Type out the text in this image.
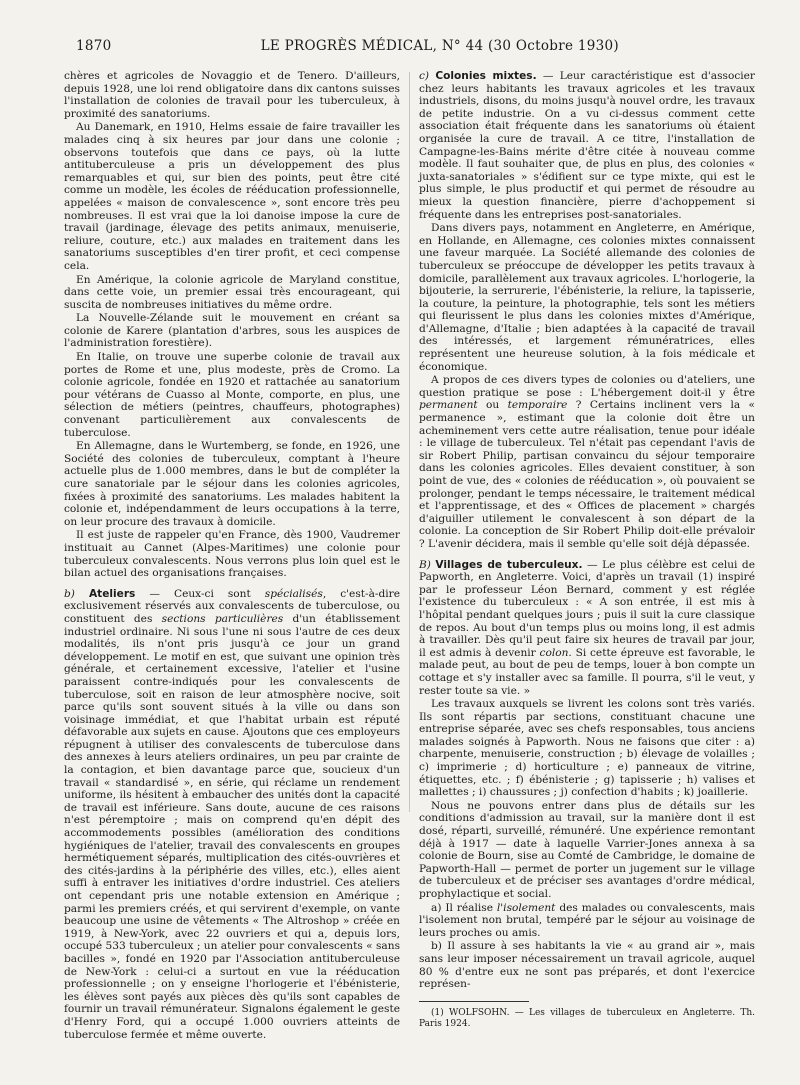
1870	LE PROGRÈS MÉDICAL, N° 44 (30 Octobre 1930)

chères et agricoles de Novaggio et de Tenero. D'ailleurs, depuis 1928, une loi rend obligatoire dans dix cantons suisses l'installation de colonies de travail pour les tuberculeux, à proximité des sanatoriums.

Au Danemark, en 1910, Helms essaie de faire travailler les malades cinq à six heures par jour dans une colonie ; observons toutefois que dans ce pays, où la lutte antituberculeuse a pris un développement des plus remarquables et qui, sur bien des points, peut être cité comme un modèle, les écoles de rééducation professionnelle, appelées « maison de convalescence », sont encore très peu nombreuses. Il est vrai que la loi danoise impose la cure de travail (jardinage, élevage des petits animaux, menuiserie, reliure, couture, etc.) aux malades en traitement dans les sanatoriums susceptibles d'en tirer profit, et ceci compense cela.

En Amérique, la colonie agricole de Maryland constitue, dans cette voie, un premier essai très encourageant, qui suscita de nombreuses initiatives du même ordre.

La Nouvelle-Zélande suit le mouvement en créant sa colonie de Karere (plantation d'arbres, sous les auspices de l'administration forestière).

En Italie, on trouve une superbe colonie de travail aux portes de Rome et une, plus modeste, près de Cromo. La colonie agricole, fondée en 1920 et rattachée au sanatorium pour vétérans de Cuasso al Monte, comporte, en plus, une sélection de métiers (peintres, chauffeurs, photographes) convenant particulièrement aux convalescents de tuberculose.

En Allemagne, dans le Wurtemberg, se fonde, en 1926, une Société des colonies de tuberculeux, comptant à l'heure actuelle plus de 1.000 membres, dans le but de compléter la cure sanatoriale par le séjour dans les colonies agricoles, fixées à proximité des sanatoriums. Les malades habitent la colonie et, indépendamment de leurs occupations à la terre, on leur procure des travaux à domicile.

Il est juste de rappeler qu'en France, dès 1900, Vaudremer instituait au Cannet (Alpes-Maritimes) une colonie pour tuberculeux convalescents. Nous verrons plus loin quel est le bilan actuel des organisations françaises.

b) Ateliers — Ceux-ci sont spécialisés, c'est-à-dire exclusivement réservés aux convalescents de tuberculose, ou constituent des sections particulières d'un établissement industriel ordinaire. Ni sous l'une ni sous l'autre de ces deux modalités, ils n'ont pris jusqu'à ce jour un grand développement. Le motif en est, que suivant une opinion très générale, et certainement excessive, l'atelier et l'usine paraissent contre-indiqués pour les convalescents de tuberculose, soit en raison de leur atmosphère nocive, soit parce qu'ils sont souvent situés à la ville ou dans son voisinage immédiat, et que l'habitat urbain est réputé défavorable aux sujets en cause. Ajoutons que ces employeurs répugnent à utiliser des convalescents de tuberculose dans des annexes à leurs ateliers ordinaires, un peu par crainte de la contagion, et bien davantage parce que, soucieux d'un travail « standardisé », en série, qui réclame un rendement uniforme, ils hésitent à embaucher des unités dont la capacité de travail est inférieure. Sans doute, aucune de ces raisons n'est péremptoire ; mais on comprend qu'en dépit des accommodements possibles (amélioration des conditions hygiéniques de l'atelier, travail des convalescents en groupes hermétiquement séparés, multiplication des cités-ouvrières et des cités-jardins à la périphérie des villes, etc.), elles aient suffi à entraver les initiatives d'ordre industriel. Ces ateliers ont cependant pris une notable extension en Amérique ; parmi les premiers créés, et qui servirent d'exemple, on vante beaucoup une usine de vêtements « The Altroshop » créée en 1919, à New-York, avec 22 ouvriers et qui a, depuis lors, occupé 533 tuberculeux ; un atelier pour convalescents « sans bacilles », fondé en 1920 par l'Association antituberculeuse de New-York : celui-ci a surtout en vue la rééducation professionnelle ; on y enseigne l'horlogerie et l'ébénisterie, les élèves sont payés aux pièces dès qu'ils sont capables de fournir un travail rémunérateur. Signalons également le geste d'Henry Ford, qui a occupé 1.000 ouvriers atteints de tuberculose fermée et même ouverte.

c) Colonies mixtes. — Leur caractéristique est d'associer chez leurs habitants les travaux agricoles et les travaux industriels, disons, du moins jusqu'à nouvel ordre, les travaux de petite industrie. On a vu ci-dessus comment cette association était fréquente dans les sanatoriums où étaient organisée la cure de travail. A ce titre, l'installation de Campagne-les-Bains mérite d'être citée à nouveau comme modèle. Il faut souhaiter que, de plus en plus, des colonies « juxta-sanatoriales » s'édifient sur ce type mixte, qui est le plus simple, le plus productif et qui permet de résoudre au mieux la question financière, pierre d'achoppement si fréquente dans les entreprises post-sanatoriales.

Dans divers pays, notamment en Angleterre, en Amérique, en Hollande, en Allemagne, ces colonies mixtes connaissent une faveur marquée. La Société allemande des colonies de tuberculeux se préoccupe de développer les petits travaux à domicile, parallèlement aux travaux agricoles. L'horlogerie, la bijouterie, la serrurerie, l'ébénisterie, la reliure, la tapisserie, la couture, la peinture, la photographie, tels sont les métiers qui fleurissent le plus dans les colonies mixtes d'Amérique, d'Allemagne, d'Italie ; bien adaptées à la capacité de travail des intéressés, et largement rémunératrices, elles représentent une heureuse solution, à la fois médicale et économique.

A propos de ces divers types de colonies ou d'ateliers, une question pratique se pose : L'hébergement doit-il y être permanent ou temporaire ? Certains inclinent vers la « permanence », estimant que la colonie doit être un acheminement vers cette autre réalisation, tenue pour idéale : le village de tuberculeux. Tel n'était pas cependant l'avis de sir Robert Philip, partisan convaincu du séjour temporaire dans les colonies agricoles. Elles devaient constituer, à son point de vue, des « colonies de rééducation », où pouvaient se prolonger, pendant le temps nécessaire, le traitement médical et l'apprentissage, et des « Offices de placement » chargés d'aiguiller utilement le convalescent à son départ de la colonie. La conception de Sir Robert Philip doit-elle prévaloir ? L'avenir décidera, mais il semble qu'elle soit déjà dépassée.

B) Villages de tuberculeux. — Le plus célèbre est celui de Papworth, en Angleterre. Voici, d'après un travail (1) inspiré par le professeur Léon Bernard, comment y est réglée l'existence du tuberculeux : « A son entrée, il est mis à l'hôpital pendant quelques jours ; puis il suit la cure classique de repos. Au bout d'un temps plus ou moins long, il est admis à travailler. Dès qu'il peut faire six heures de travail par jour, il est admis à devenir colon. Si cette épreuve est favorable, le malade peut, au bout de peu de temps, louer à bon compte un cottage et s'y installer avec sa famille. Il pourra, s'il le veut, y rester toute sa vie. »

Les travaux auxquels se livrent les colons sont très variés. Ils sont répartis par sections, constituant chacune une entreprise séparée, avec ses chefs responsables, tous anciens malades soignés à Papworth. Nous ne faisons que citer : a) charpente, menuiserie, construction ; b) élevage de volailles ; c) imprimerie ; d) horticulture ; e) panneaux de vitrine, étiquettes, etc. ; f) ébénisterie ; g) tapisserie ; h) valises et mallettes ; i) chaussures ; j) confection d'habits ; k) joaillerie.

Nous ne pouvons entrer dans plus de détails sur les conditions d'admission au travail, sur la manière dont il est dosé, réparti, surveillé, rémunéré. Une expérience remontant déjà à 1917 — date à laquelle Varrier-Jones annexa à sa colonie de Bourn, sise au Comté de Cambridge, le domaine de Papworth-Hall — permet de porter un jugement sur le village de tuberculeux et de préciser ses avantages d'ordre médical, prophylactique et social.

a) Il réalise l'isolement des malades ou convalescents, mais l'isolement non brutal, tempéré par le séjour au voisinage de leurs proches ou amis.

b) Il assure à ses habitants la vie « au grand air », mais sans leur imposer nécessairement un travail agricole, auquel 80 % d'entre eux ne sont pas préparés, et dont l'exercice représen-

(1) WOLFSOHN. — Les villages de tuberculeux en Angleterre. Th. Paris 1924.
